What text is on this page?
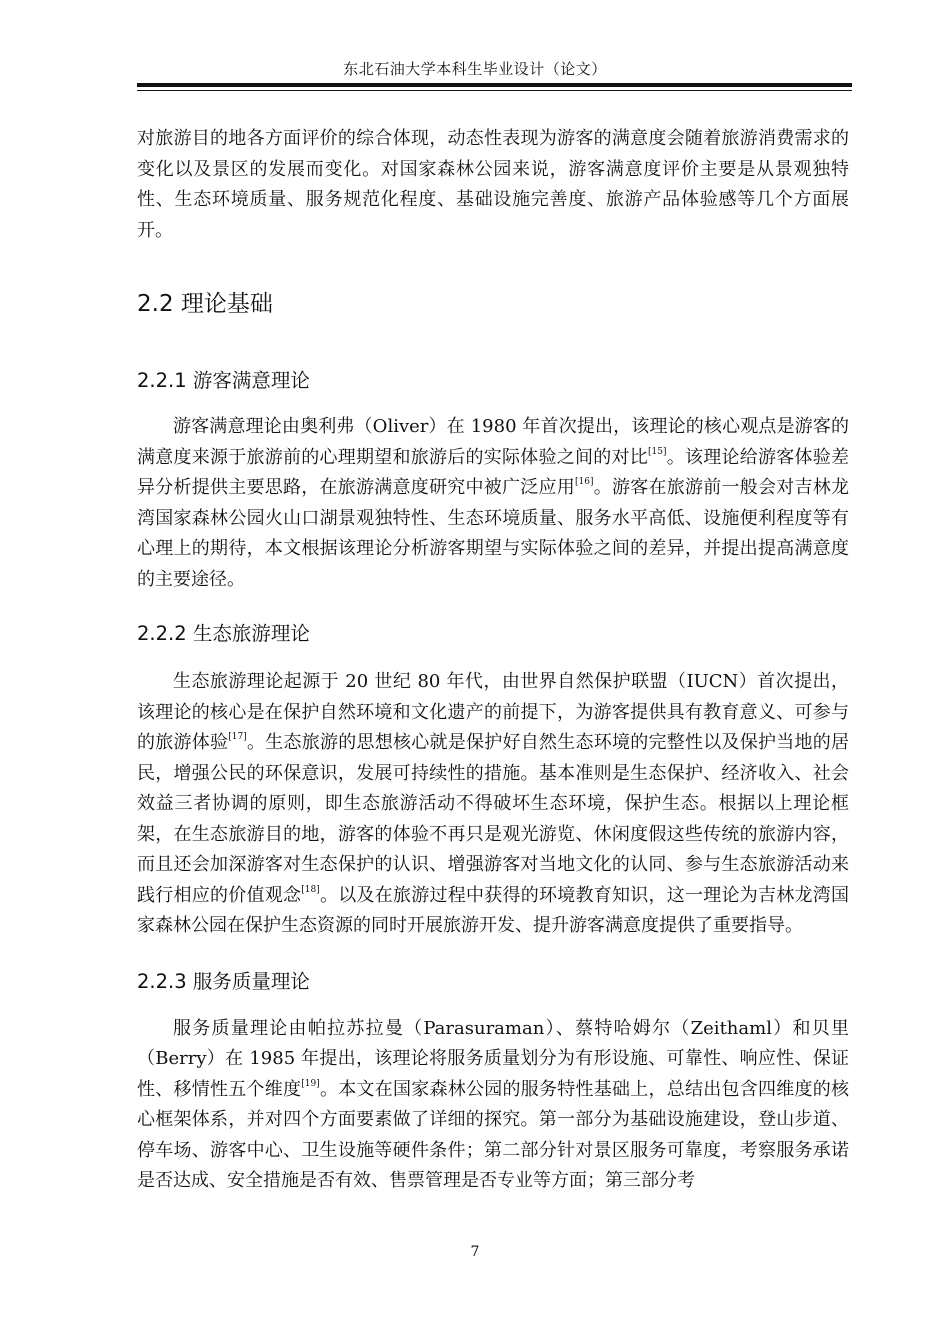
东北石油大学本科生毕业设计（论文）

对旅游目的地各方面评价的综合体现，动态性表现为游客的满意度会随着旅游消费需求的变化以及景区的发展而变化。对国家森林公园来说，游客满意度评价主要是从景观独特性、生态环境质量、服务规范化程度、基础设施完善度、旅游产品体验感等几个方面展开。

2.2 理论基础
2.2.1 游客满意理论

游客满意理论由奥利弗（Oliver）在 1980 年首次提出，该理论的核心观点是游客的满意度来源于旅游前的心理期望和旅游后的实际体验之间的对比[15]。该理论给游客体验差异分析提供主要思路，在旅游满意度研究中被广泛应用[16]。游客在旅游前一般会对吉林龙湾国家森林公园火山口湖景观独特性、生态环境质量、服务水平高低、设施便利程度等有心理上的期待，本文根据该理论分析游客期望与实际体验之间的差异，并提出提高满意度的主要途径。

2.2.2 生态旅游理论

生态旅游理论起源于 20 世纪 80 年代，由世界自然保护联盟（IUCN）首次提出，该理论的核心是在保护自然环境和文化遗产的前提下，为游客提供具有教育意义、可参与的旅游体验[17]。生态旅游的思想核心就是保护好自然生态环境的完整性以及保护当地的居民，增强公民的环保意识，发展可持续性的措施。基本准则是生态保护、经济收入、社会效益三者协调的原则，即生态旅游活动不得破坏生态环境，保护生态。根据以上理论框架，在生态旅游目的地，游客的体验不再只是观光游览、休闲度假这些传统的旅游内容，而且还会加深游客对生态保护的认识、增强游客对当地文化的认同、参与生态旅游活动来践行相应的价值观念[18]。以及在旅游过程中获得的环境教育知识，这一理论为吉林龙湾国家森林公园在保护生态资源的同时开展旅游开发、提升游客满意度提供了重要指导。

2.2.3 服务质量理论

服务质量理论由帕拉苏拉曼（Parasuraman）、蔡特哈姆尔（Zeithaml）和贝里（Berry）在 1985 年提出，该理论将服务质量划分为有形设施、可靠性、响应性、保证性、移情性五个维度[19]。本文在国家森林公园的服务特性基础上，总结出包含四维度的核心框架体系，并对四个方面要素做了详细的探究。第一部分为基础设施建设，登山步道、停车场、游客中心、卫生设施等硬件条件；第二部分针对景区服务可靠度，考察服务承诺是否达成、安全措施是否有效、售票管理是否专业等方面；第三部分考

7
